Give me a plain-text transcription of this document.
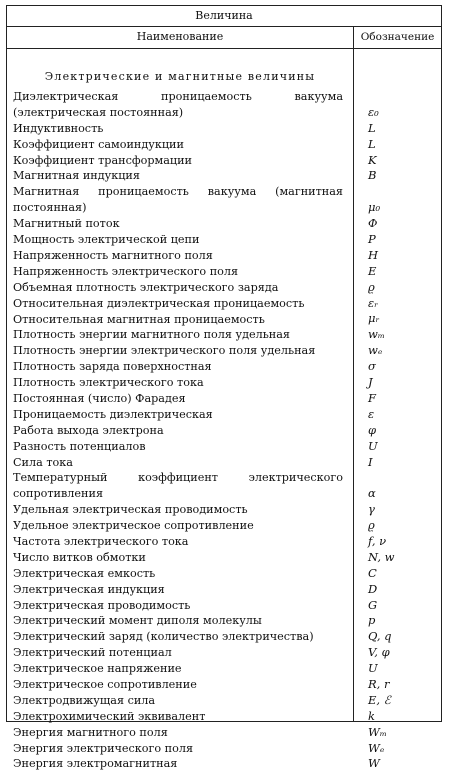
Величина
Наименование	Обозначение
Электрические и магнитные величины
Диэлектрическая проницаемость вакуума (электрическая постоянная)	ε₀
Индуктивность	L
Коэффициент самоиндукции	L
Коэффициент трансформации	K
Магнитная индукция	B
Магнитная проницаемость вакуума (магнитная постоянная)	μ₀
Магнитный поток	Φ
Мощность электрической цепи	P
Напряженность магнитного поля	H
Напряженность электрического поля	E
Объемная плотность электрического заряда	ϱ
Относительная диэлектрическая проницаемость	εᵣ
Относительная магнитная проницаемость	μᵣ
Плотность энергии магнитного поля удельная	wₘ
Плотность энергии электрического поля удельная	wₑ
Плотность заряда поверхностная	σ
Плотность электрического тока	J
Постоянная (число) Фарадея	F
Проницаемость диэлектрическая	ε
Работа выхода электрона	φ
Разность потенциалов	U
Сила тока	I
Температурный коэффициент электрического сопротивления	α
Удельная электрическая проводимость	γ
Удельное электрическое сопротивление	ϱ
Частота электрического тока	f, ν
Число витков обмотки	N, w
Электрическая емкость	C
Электрическая индукция	D
Электрическая проводимость	G
Электрический момент диполя молекулы	p
Электрический заряд (количество электричества)	Q, q
Электрический потенциал	V, φ
Электрическое напряжение	U
Электрическое сопротивление	R, r
Электродвижущая сила	E, ℰ
Электрохимический эквивалент	k
Энергия магнитного поля	Wₘ
Энергия электрического поля	Wₑ
Энергия электромагнитная	W
